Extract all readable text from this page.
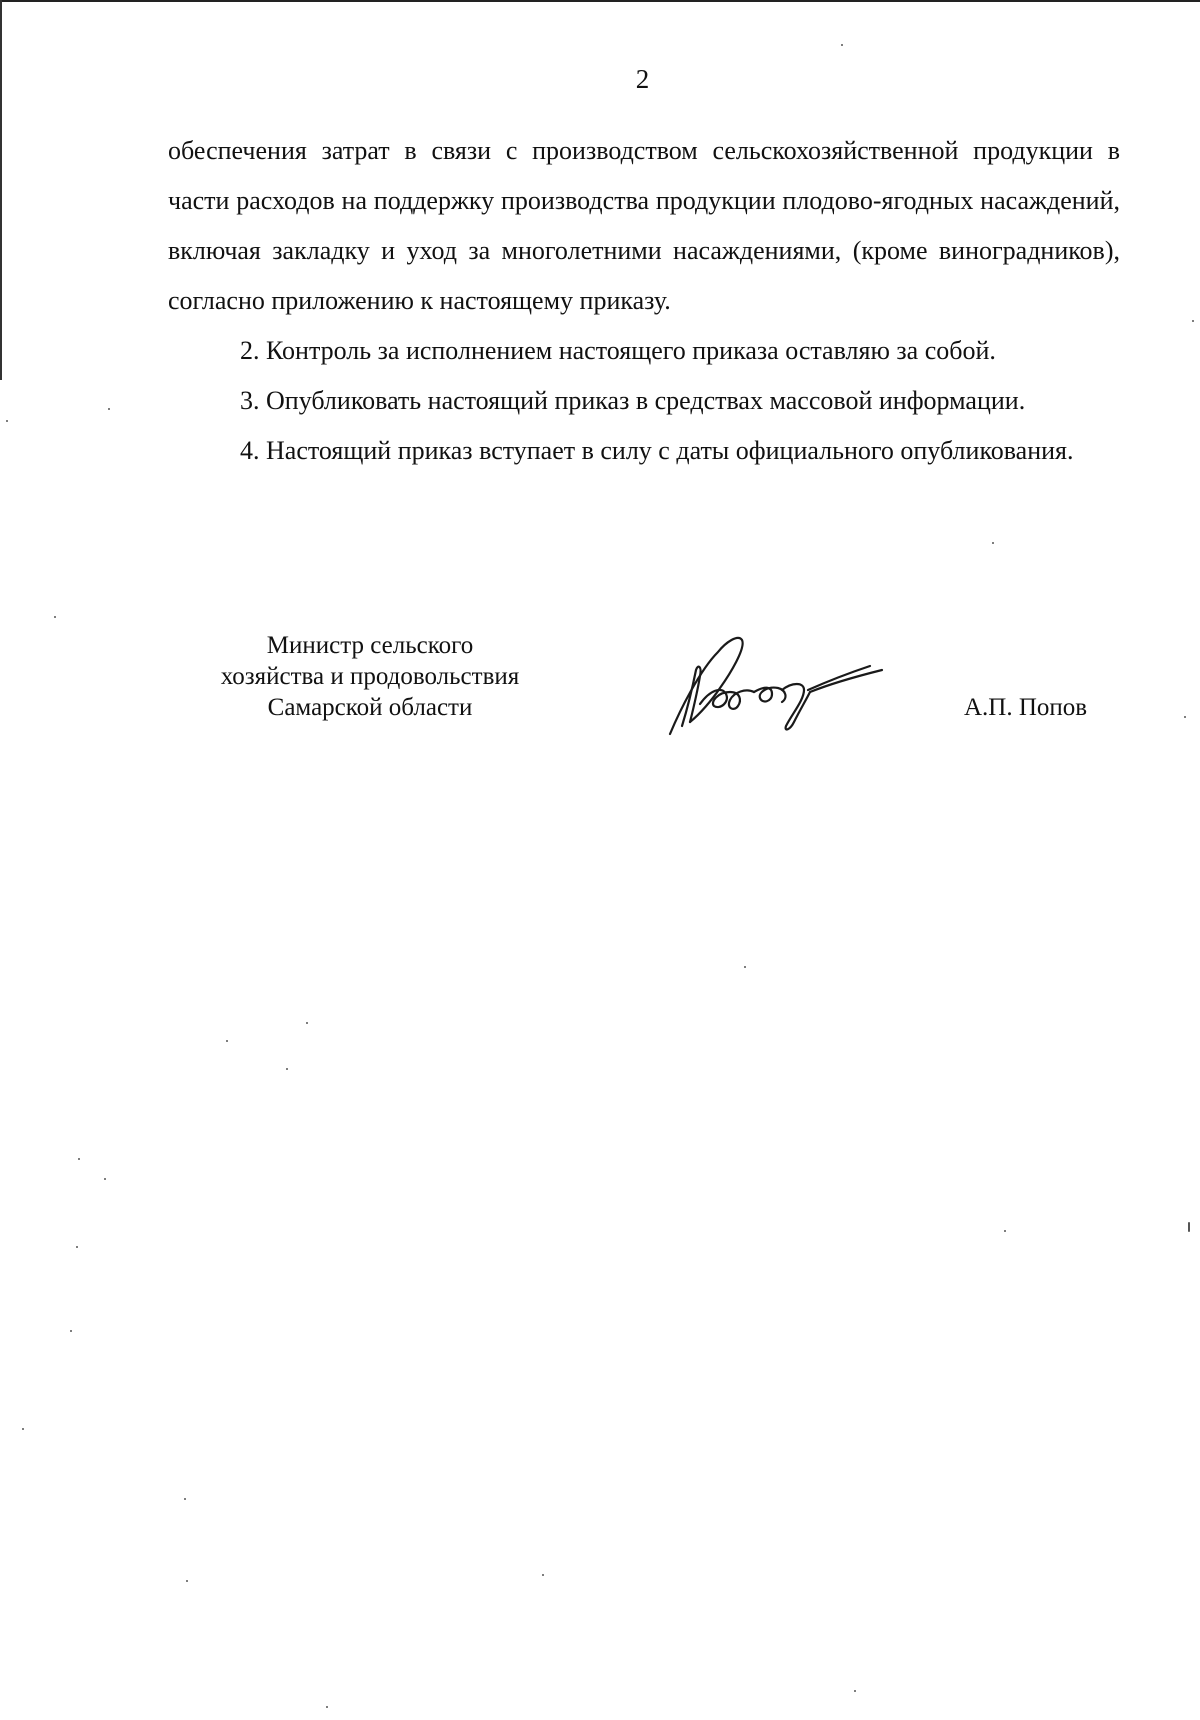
2

обеспечения затрат в связи с производством сельскохозяйственной продукции в части расходов на поддержку производства продукции плодово-ягодных насаждений, включая закладку и уход за многолетними насаждениями, (кроме виноградников), согласно приложению к настоящему приказу.

2. Контроль за исполнением настоящего приказа оставляю за собой.

3. Опубликовать настоящий приказ в средствах массовой информации.

4. Настоящий приказ вступает в силу с даты официального опубликования.

Министр сельского
хозяйства и продовольствия
Самарской области	А.П. Попов
